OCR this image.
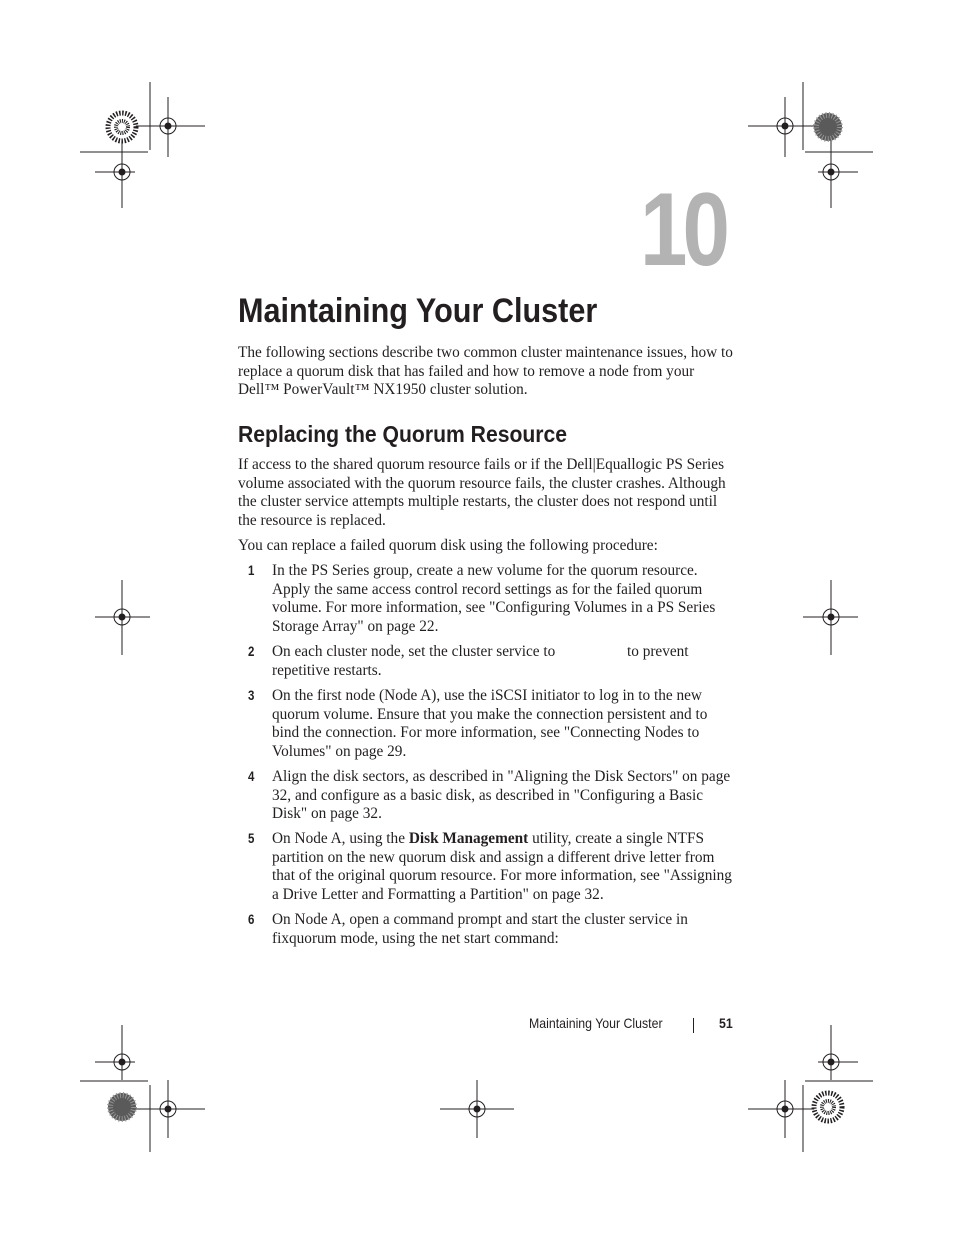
10
Maintaining Your Cluster

The following sections describe two common cluster maintenance issues, how to replace a quorum disk that has failed and how to remove a node from your Dell™ PowerVault™ NX1950 cluster solution.

Replacing the Quorum Resource

If access to the shared quorum resource fails or if the Dell|Equallogic PS Series volume associated with the quorum resource fails, the cluster crashes. Although the cluster service attempts multiple restarts, the cluster does not respond until the resource is replaced.

You can replace a failed quorum disk using the following procedure:

1 In the PS Series group, create a new volume for the quorum resource. Apply the same access control record settings as for the failed quorum volume. For more information, see "Configuring Volumes in a PS Series Storage Array" on page 22.

2 On each cluster node, set the cluster service to	to prevent repetitive restarts.

3 On the first node (Node A), use the iSCSI initiator to log in to the new quorum volume. Ensure that you make the connection persistent and to bind the connection. For more information, see "Connecting Nodes to Volumes" on page 29.

4 Align the disk sectors, as described in "Aligning the Disk Sectors" on page 32, and configure as a basic disk, as described in "Configuring a Basic Disk" on page 32.

5 On Node A, using the Disk Management utility, create a single NTFS partition on the new quorum disk and assign a different drive letter from that of the original quorum resource. For more information, see "Assigning a Drive Letter and Formatting a Partition" on page 32.

6 On Node A, open a command prompt and start the cluster service in fixquorum mode, using the net start command:

Maintaining Your Cluster	51
